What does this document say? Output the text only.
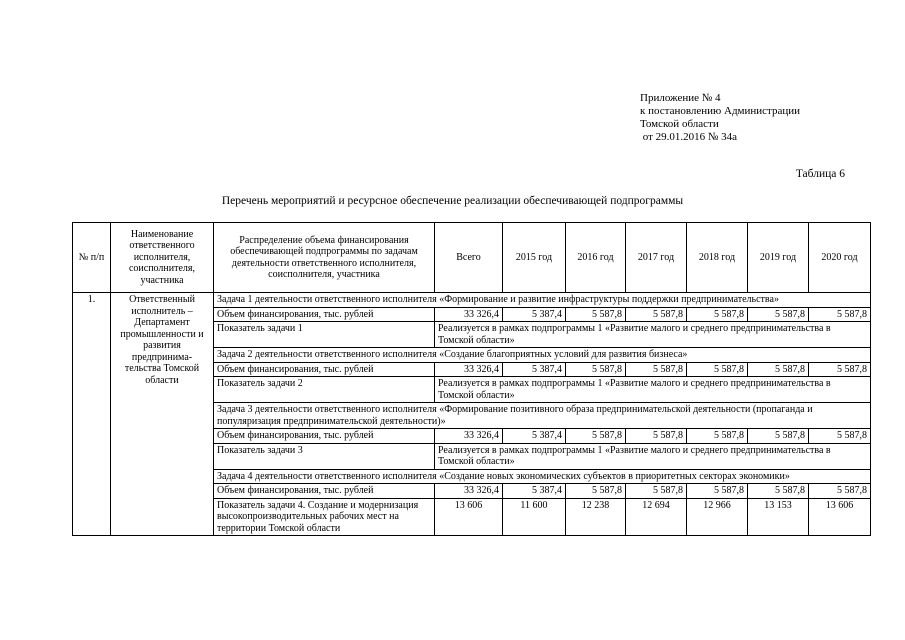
Приложение № 4
к постановлению Администрации
Томской области
от 29.01.2016 № 34а
Таблица 6
Перечень мероприятий и ресурсное обеспечение реализации обеспечивающей подпрограммы
№ п/п	Наименование ответственного исполнителя, соисполнителя, участника	Распределение объема финансирования обеспечивающей подпрограммы по задачам деятельности ответственного исполнителя, соисполнителя, участника	Всего	2015 год	2016 год	2017 год	2018 год	2019 год	2020 год
1.	Ответственный исполнитель – Департамент промышленности и развития предпринима-тельства Томской области	Задача 1 деятельности ответственного исполнителя «Формирование и развитие инфраструктуры поддержки предпринимательства»							
		Объем финансирования, тыс. рублей	33 326,4	5 387,4	5 587,8	5 587,8	5 587,8	5 587,8	5 587,8
		Показатель задачи 1	Реализуется в рамках подпрограммы 1 «Развитие малого и среднего предпринимательства в Томской области»						
		Задача 2 деятельности ответственного исполнителя «Создание благоприятных условий для развития бизнеса»							
		Объем финансирования, тыс. рублей	33 326,4	5 387,4	5 587,8	5 587,8	5 587,8	5 587,8	5 587,8
		Показатель задачи 2	Реализуется в рамках подпрограммы 1 «Развитие малого и среднего предпринимательства в Томской области»						
		Задача 3 деятельности ответственного исполнителя «Формирование позитивного образа предпринимательской деятельности (пропаганда и популяризация предпринимательской деятельности)»							
		Объем финансирования, тыс. рублей	33 326,4	5 387,4	5 587,8	5 587,8	5 587,8	5 587,8	5 587,8
		Показатель задачи 3	Реализуется в рамках подпрограммы 1 «Развитие малого и среднего предпринимательства в Томской области»						
		Задача 4 деятельности ответственного исполнителя «Создание новых экономических субъектов в приоритетных секторах экономики»							
		Объем финансирования, тыс. рублей	33 326,4	5 387,4	5 587,8	5 587,8	5 587,8	5 587,8	5 587,8
		Показатель задачи 4. Создание и модернизация высокопроизводительных рабочих мест на территории Томской области	13 606	11 600	12 238	12 694	12 966	13 153	13 606
